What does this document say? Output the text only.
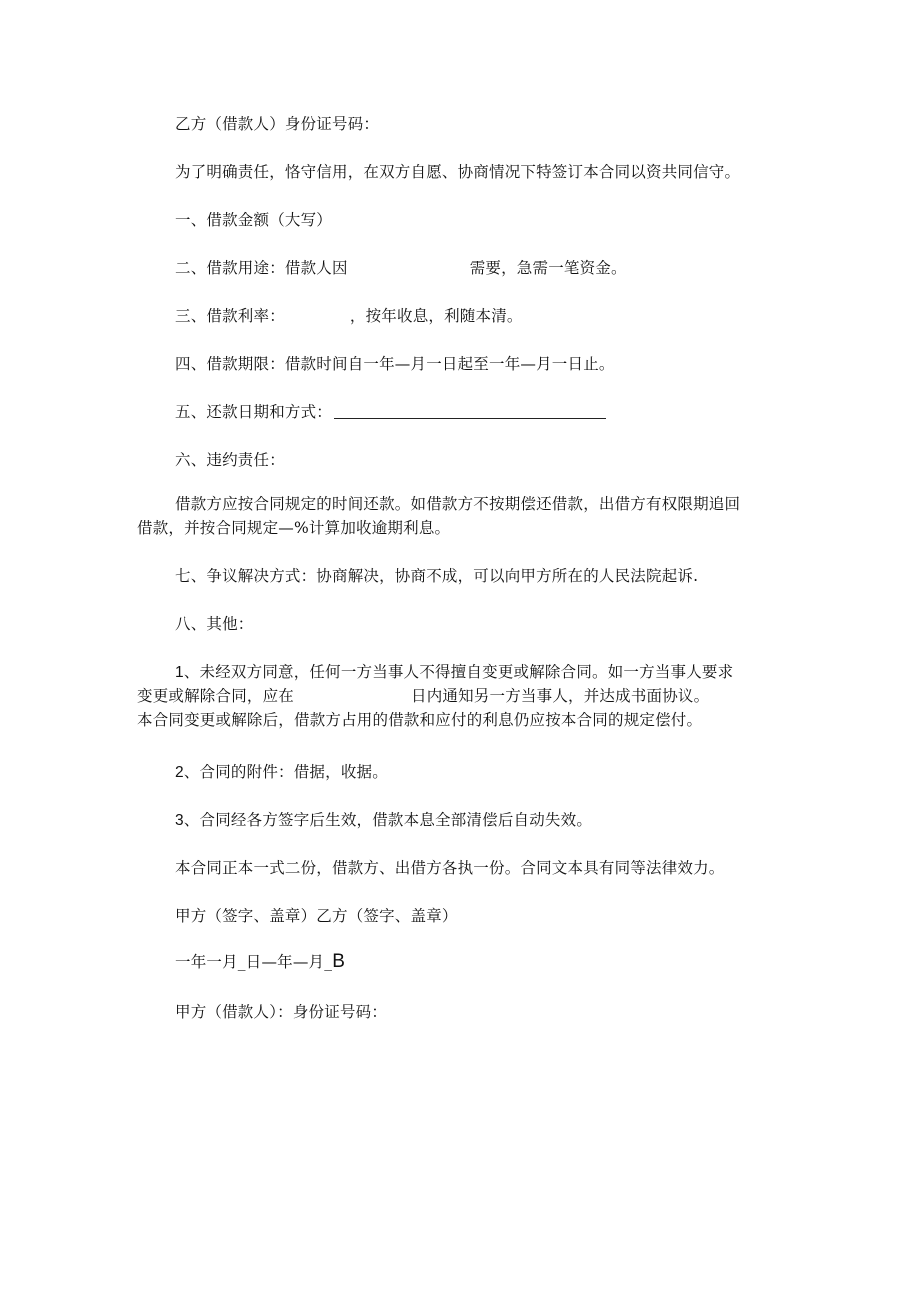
乙方（借款人）身份证号码：
为了明确责任，恪守信用，在双方自愿、协商情况下特签订本合同以资共同信守。
一、借款金额（大写）
二、借款用途：借款人因	需要，急需一笔资金。
三、借款利率：	，按年收息，利随本清。
四、借款期限：借款时间自一年—月一日起至一年—月一日止。
五、还款日期和方式：
六、违约责任：
借款方应按合同规定的时间还款。如借款方不按期偿还借款，出借方有权限期追回
借款，并按合同规定—%计算加收逾期利息。
七、争议解决方式：协商解决，协商不成，可以向甲方所在的人民法院起诉.
八、其他：
1、未经双方同意，任何一方当事人不得擅自变更或解除合同。如一方当事人要求
变更或解除合同，应在	日内通知另一方当事人，并达成书面协议。
本合同变更或解除后，借款方占用的借款和应付的利息仍应按本合同的规定偿付。
2、合同的附件：借据，收据。
3、合同经各方签字后生效，借款本息全部清偿后自动失效。
本合同正本一式二份，借款方、出借方各执一份。合同文本具有同等法律效力。
甲方（签字、盖章）乙方（签字、盖章）
一年一月_日—年—月_B
甲方（借款人）：身份证号码：
